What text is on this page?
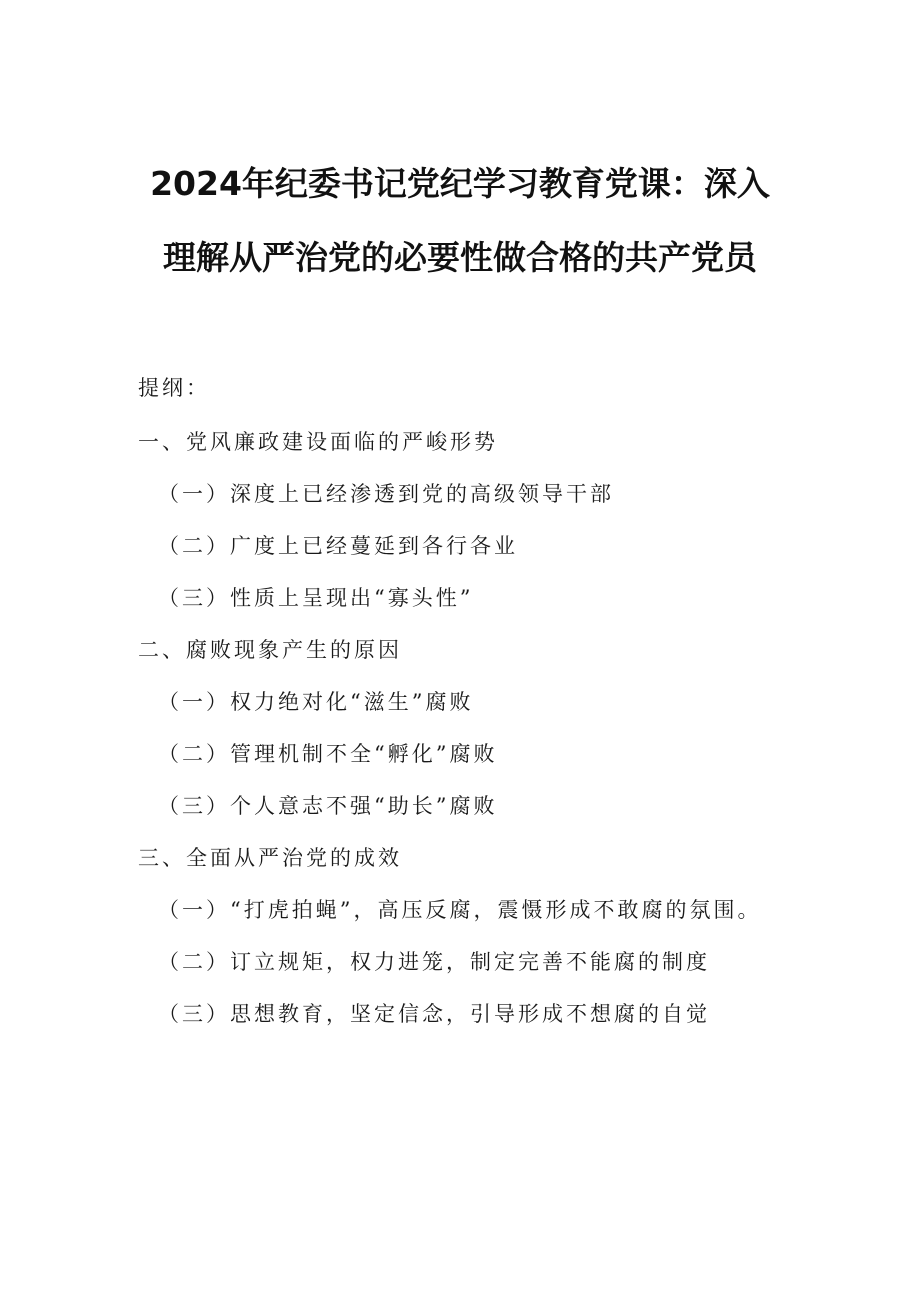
2024年纪委书记党纪学习教育党课：深入
理解从严治党的必要性做合格的共产党员
提纲：
一、党风廉政建设面临的严峻形势
（一）深度上已经渗透到党的高级领导干部
（二）广度上已经蔓延到各行各业
（三）性质上呈现出“寡头性”
二、腐败现象产生的原因
（一）权力绝对化“滋生”腐败
（二）管理机制不全“孵化”腐败
（三）个人意志不强“助长”腐败
三、全面从严治党的成效
（一）“打虎拍蝇”，高压反腐，震慑形成不敢腐的氛围。
（二）订立规矩，权力进笼，制定完善不能腐的制度
（三）思想教育，坚定信念，引导形成不想腐的自觉
